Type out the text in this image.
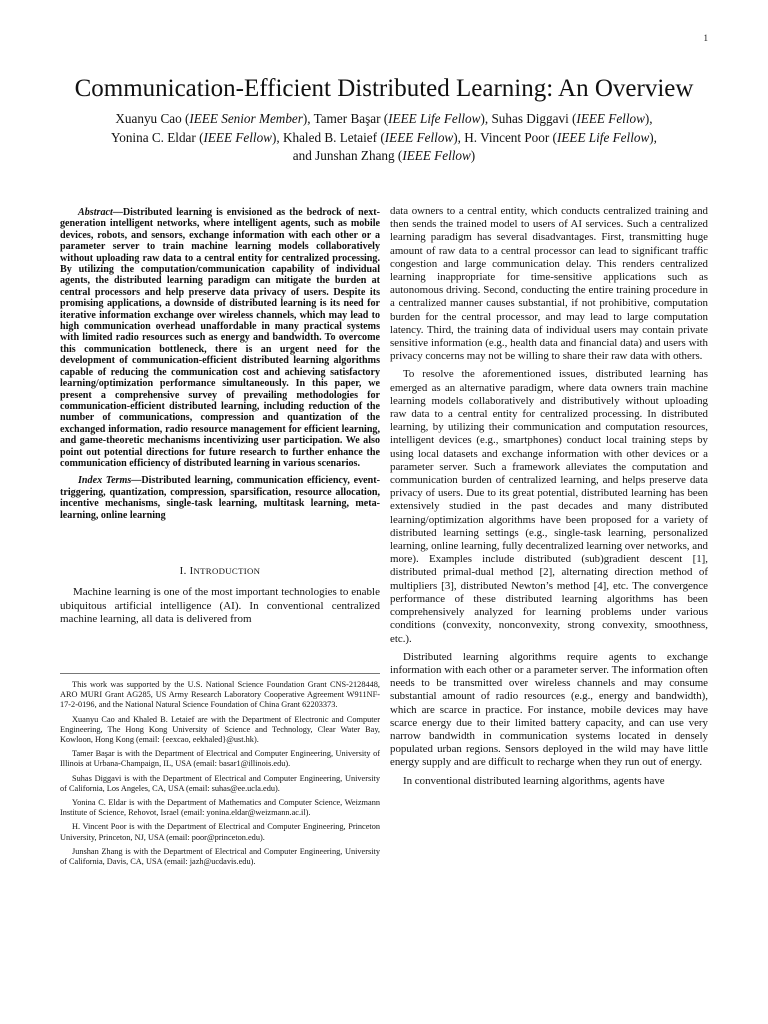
1
Communication-Efficient Distributed Learning: An Overview
Xuanyu Cao (IEEE Senior Member), Tamer Başar (IEEE Life Fellow), Suhas Diggavi (IEEE Fellow),
Yonina C. Eldar (IEEE Fellow), Khaled B. Letaief (IEEE Fellow), H. Vincent Poor (IEEE Life Fellow),
and Junshan Zhang (IEEE Fellow)

Abstract—Distributed learning is envisioned as the bedrock of next-generation intelligent networks, where intelligent agents, such as mobile devices, robots, and sensors, exchange information with each other or a parameter server to train machine learning models collaboratively without uploading raw data to a central entity for centralized processing. By utilizing the computation/communication capability of individual agents, the distributed learning paradigm can mitigate the burden at central processors and help preserve data privacy of users. Despite its promising applications, a downside of distributed learning is its need for iterative information exchange over wireless channels, which may lead to high communication overhead unaffordable in many practical systems with limited radio resources such as energy and bandwidth. To overcome this communication bottleneck, there is an urgent need for the development of communication-efficient distributed learning algorithms capable of reducing the communication cost and achieving satisfactory learning/optimization performance simultaneously. In this paper, we present a comprehensive survey of prevailing methodologies for communication-efficient distributed learning, including reduction of the number of communications, compression and quantization of the exchanged information, radio resource management for efficient learning, and game-theoretic mechanisms incentivizing user participation. We also point out potential directions for future research to further enhance the communication efficiency of distributed learning in various scenarios.

Index Terms—Distributed learning, communication efficiency, event-triggering, quantization, compression, sparsification, resource allocation, incentive mechanisms, single-task learning, multitask learning, meta-learning, online learning

I. INTRODUCTION

Machine learning is one of the most important technologies to enable ubiquitous artificial intelligence (AI). In conventional centralized machine learning, all data is delivered from

This work was supported by the U.S. National Science Foundation Grant CNS-2128448, ARO MURI Grant AG285, US Army Research Laboratory Cooperative Agreement W911NF-17-2-0196, and the National Natural Science Foundation of China Grant 62203373.

Xuanyu Cao and Khaled B. Letaief are with the Department of Electronic and Computer Engineering, The Hong Kong University of Science and Technology, Clear Water Bay, Kowloon, Hong Kong (email: {eexcao, eekhaled}@ust.hk).

Tamer Başar is with the Department of Electrical and Computer Engineering, University of Illinois at Urbana-Champaign, IL, USA (email: basar1@illinois.edu).

Suhas Diggavi is with the Department of Electrical and Computer Engineering, University of California, Los Angeles, CA, USA (email: suhas@ee.ucla.edu).

Yonina C. Eldar is with the Department of Mathematics and Computer Science, Weizmann Institute of Science, Rehovot, Israel (email: yonina.eldar@weizmann.ac.il).

H. Vincent Poor is with the Department of Electrical and Computer Engineering, Princeton University, Princeton, NJ, USA (email: poor@princeton.edu).

Junshan Zhang is with the Department of Electrical and Computer Engineering, University of California, Davis, CA, USA (email: jazh@ucdavis.edu).

data owners to a central entity, which conducts centralized training and then sends the trained model to users of AI services. Such a centralized learning paradigm has several disadvantages. First, transmitting huge amount of raw data to a central processor can lead to significant traffic congestion and large communication delay. This renders centralized learning inappropriate for time-sensitive applications such as autonomous driving. Second, conducting the entire training procedure in a centralized manner causes substantial, if not prohibitive, computation burden for the central processor, and may lead to large computation latency. Third, the training data of individual users may contain private sensitive information (e.g., health data and financial data) and users with privacy concerns may not be willing to share their raw data with others.

To resolve the aforementioned issues, distributed learning has emerged as an alternative paradigm, where data owners train machine learning models collaboratively and distributively without uploading raw data to a central entity for centralized processing. In distributed learning, by utilizing their communication and computation resources, intelligent devices (e.g., smartphones) conduct local training steps by using local datasets and exchange information with other devices or a parameter server. Such a framework alleviates the computation and communication burden of centralized learning, and helps preserve data privacy of users. Due to its great potential, distributed learning has been extensively studied in the past decades and many distributed learning/optimization algorithms have been proposed for a variety of distributed learning settings (e.g., single-task learning, personalized learning, online learning, fully decentralized learning over networks, and more). Examples include distributed (sub)gradient descent [1], distributed primal-dual method [2], alternating direction method of multipliers [3], distributed Newton’s method [4], etc. The convergence performance of these distributed learning algorithms has been comprehensively analyzed for learning problems under various conditions (convexity, nonconvexity, strong convexity, smoothness, etc.).

Distributed learning algorithms require agents to exchange information with each other or a parameter server. The information often needs to be transmitted over wireless channels and may consume substantial amount of radio resources (e.g., energy and bandwidth), which are scarce in practice. For instance, mobile devices may have scarce energy due to their limited battery capacity, and can use very narrow bandwidth in communication systems located in densely populated urban regions. Sensors deployed in the wild may have little energy supply and are difficult to recharge when they run out of energy.

In conventional distributed learning algorithms, agents have
